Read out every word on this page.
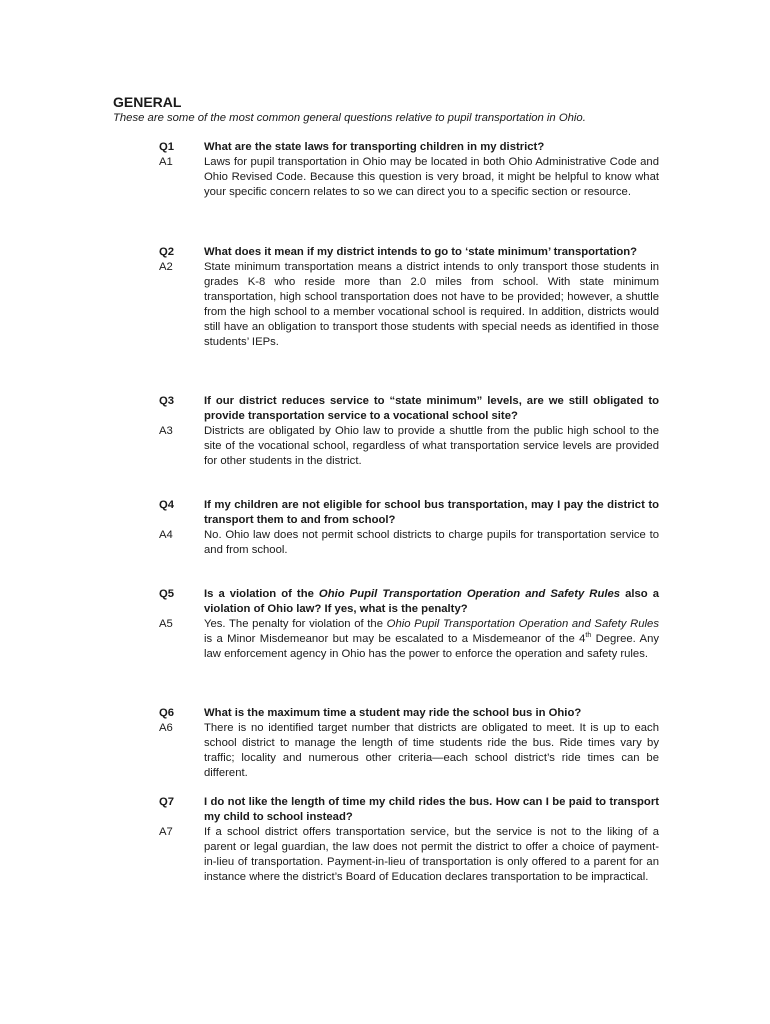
GENERAL

These are some of the most common general questions relative to pupil transportation in Ohio.

Q1	What are the state laws for transporting children in my district?
A1	Laws for pupil transportation in Ohio may be located in both Ohio Administrative Code and Ohio Revised Code. Because this question is very broad, it might be helpful to know what your specific concern relates to so we can direct you to a specific section or resource.
Q2	What does it mean if my district intends to go to ‘state minimum’ transportation?
A2	State minimum transportation means a district intends to only transport those students in grades K-8 who reside more than 2.0 miles from school. With state minimum transportation, high school transportation does not have to be provided; however, a shuttle from the high school to a member vocational school is required. In addition, districts would still have an obligation to transport those students with special needs as identified in those students’ IEPs.
Q3	If our district reduces service to “state minimum” levels, are we still obligated to provide transportation service to a vocational school site?
A3	Districts are obligated by Ohio law to provide a shuttle from the public high school to the site of the vocational school, regardless of what transportation service levels are provided for other students in the district.
Q4	If my children are not eligible for school bus transportation, may I pay the district to transport them to and from school?
A4	No. Ohio law does not permit school districts to charge pupils for transportation service to and from school.
Q5	Is a violation of the Ohio Pupil Transportation Operation and Safety Rules also a violation of Ohio law? If yes, what is the penalty?
A5	Yes. The penalty for violation of the Ohio Pupil Transportation Operation and Safety Rules is a Minor Misdemeanor but may be escalated to a Misdemeanor of the 4th Degree. Any law enforcement agency in Ohio has the power to enforce the operation and safety rules.
Q6	What is the maximum time a student may ride the school bus in Ohio?
A6	There is no identified target number that districts are obligated to meet. It is up to each school district to manage the length of time students ride the bus. Ride times vary by traffic; locality and numerous other criteria—each school district’s ride times can be different.
Q7	I do not like the length of time my child rides the bus. How can I be paid to transport my child to school instead?
A7	If a school district offers transportation service, but the service is not to the liking of a parent or legal guardian, the law does not permit the district to offer a choice of payment-in-lieu of transportation. Payment-in-lieu of transportation is only offered to a parent for an instance where the district’s Board of Education declares transportation to be impractical.
